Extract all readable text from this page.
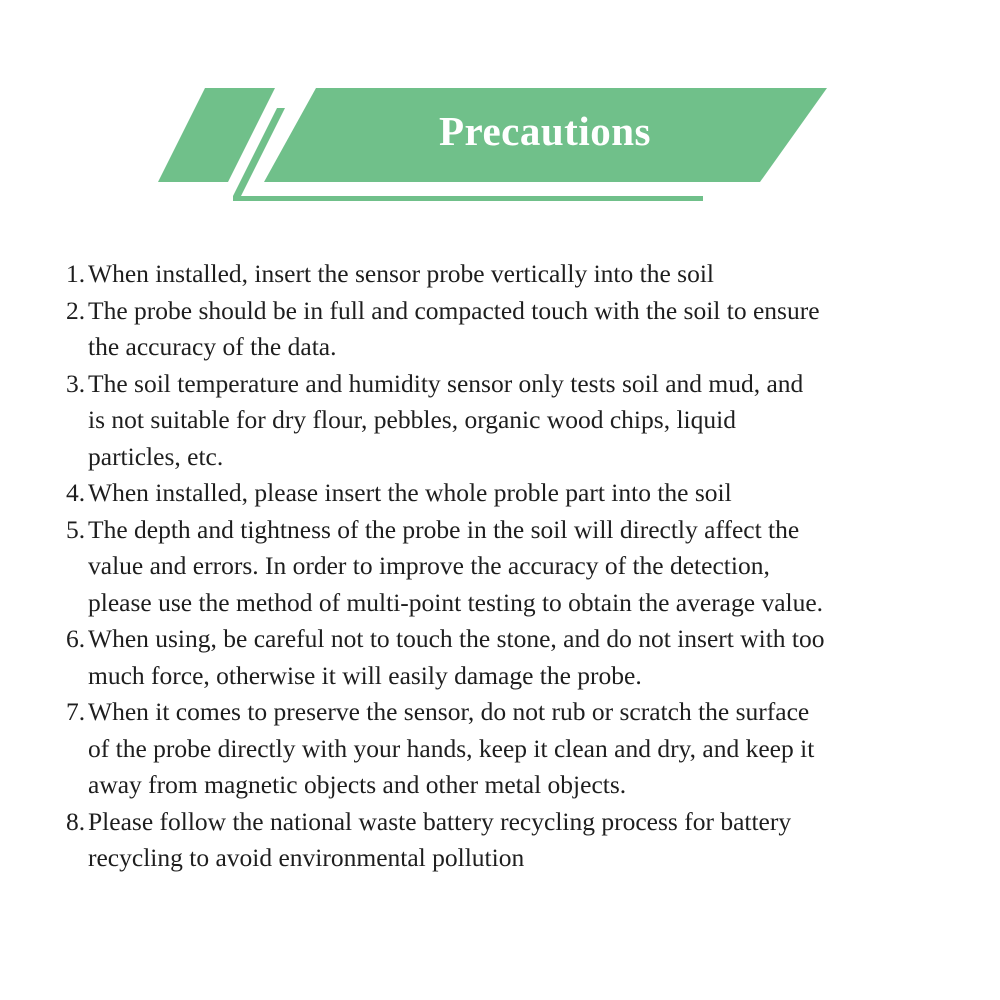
Precautions
1. When installed, insert the sensor probe vertically into the soil
2. The probe should be in full and compacted touch with the soil to ensure
the accuracy of the data.
3. The soil temperature and humidity sensor only tests soil and mud, and
is not suitable for dry flour, pebbles, organic wood chips, liquid
particles, etc.
4. When installed, please insert the whole proble part into the soil
5. The depth and tightness of the probe in the soil will directly affect the
value and errors. In order to improve the accuracy of the detection,
please use the method of multi-point testing to obtain the average value.
6. When using, be careful not to touch the stone, and do not insert with too
much force, otherwise it will easily damage the probe.
7. When it comes to preserve the sensor, do not rub or scratch the surface
of the probe directly with your hands, keep it clean and dry, and keep it
away from magnetic objects and other metal objects.
8. Please follow the national waste battery recycling process for battery
recycling to avoid environmental pollution
